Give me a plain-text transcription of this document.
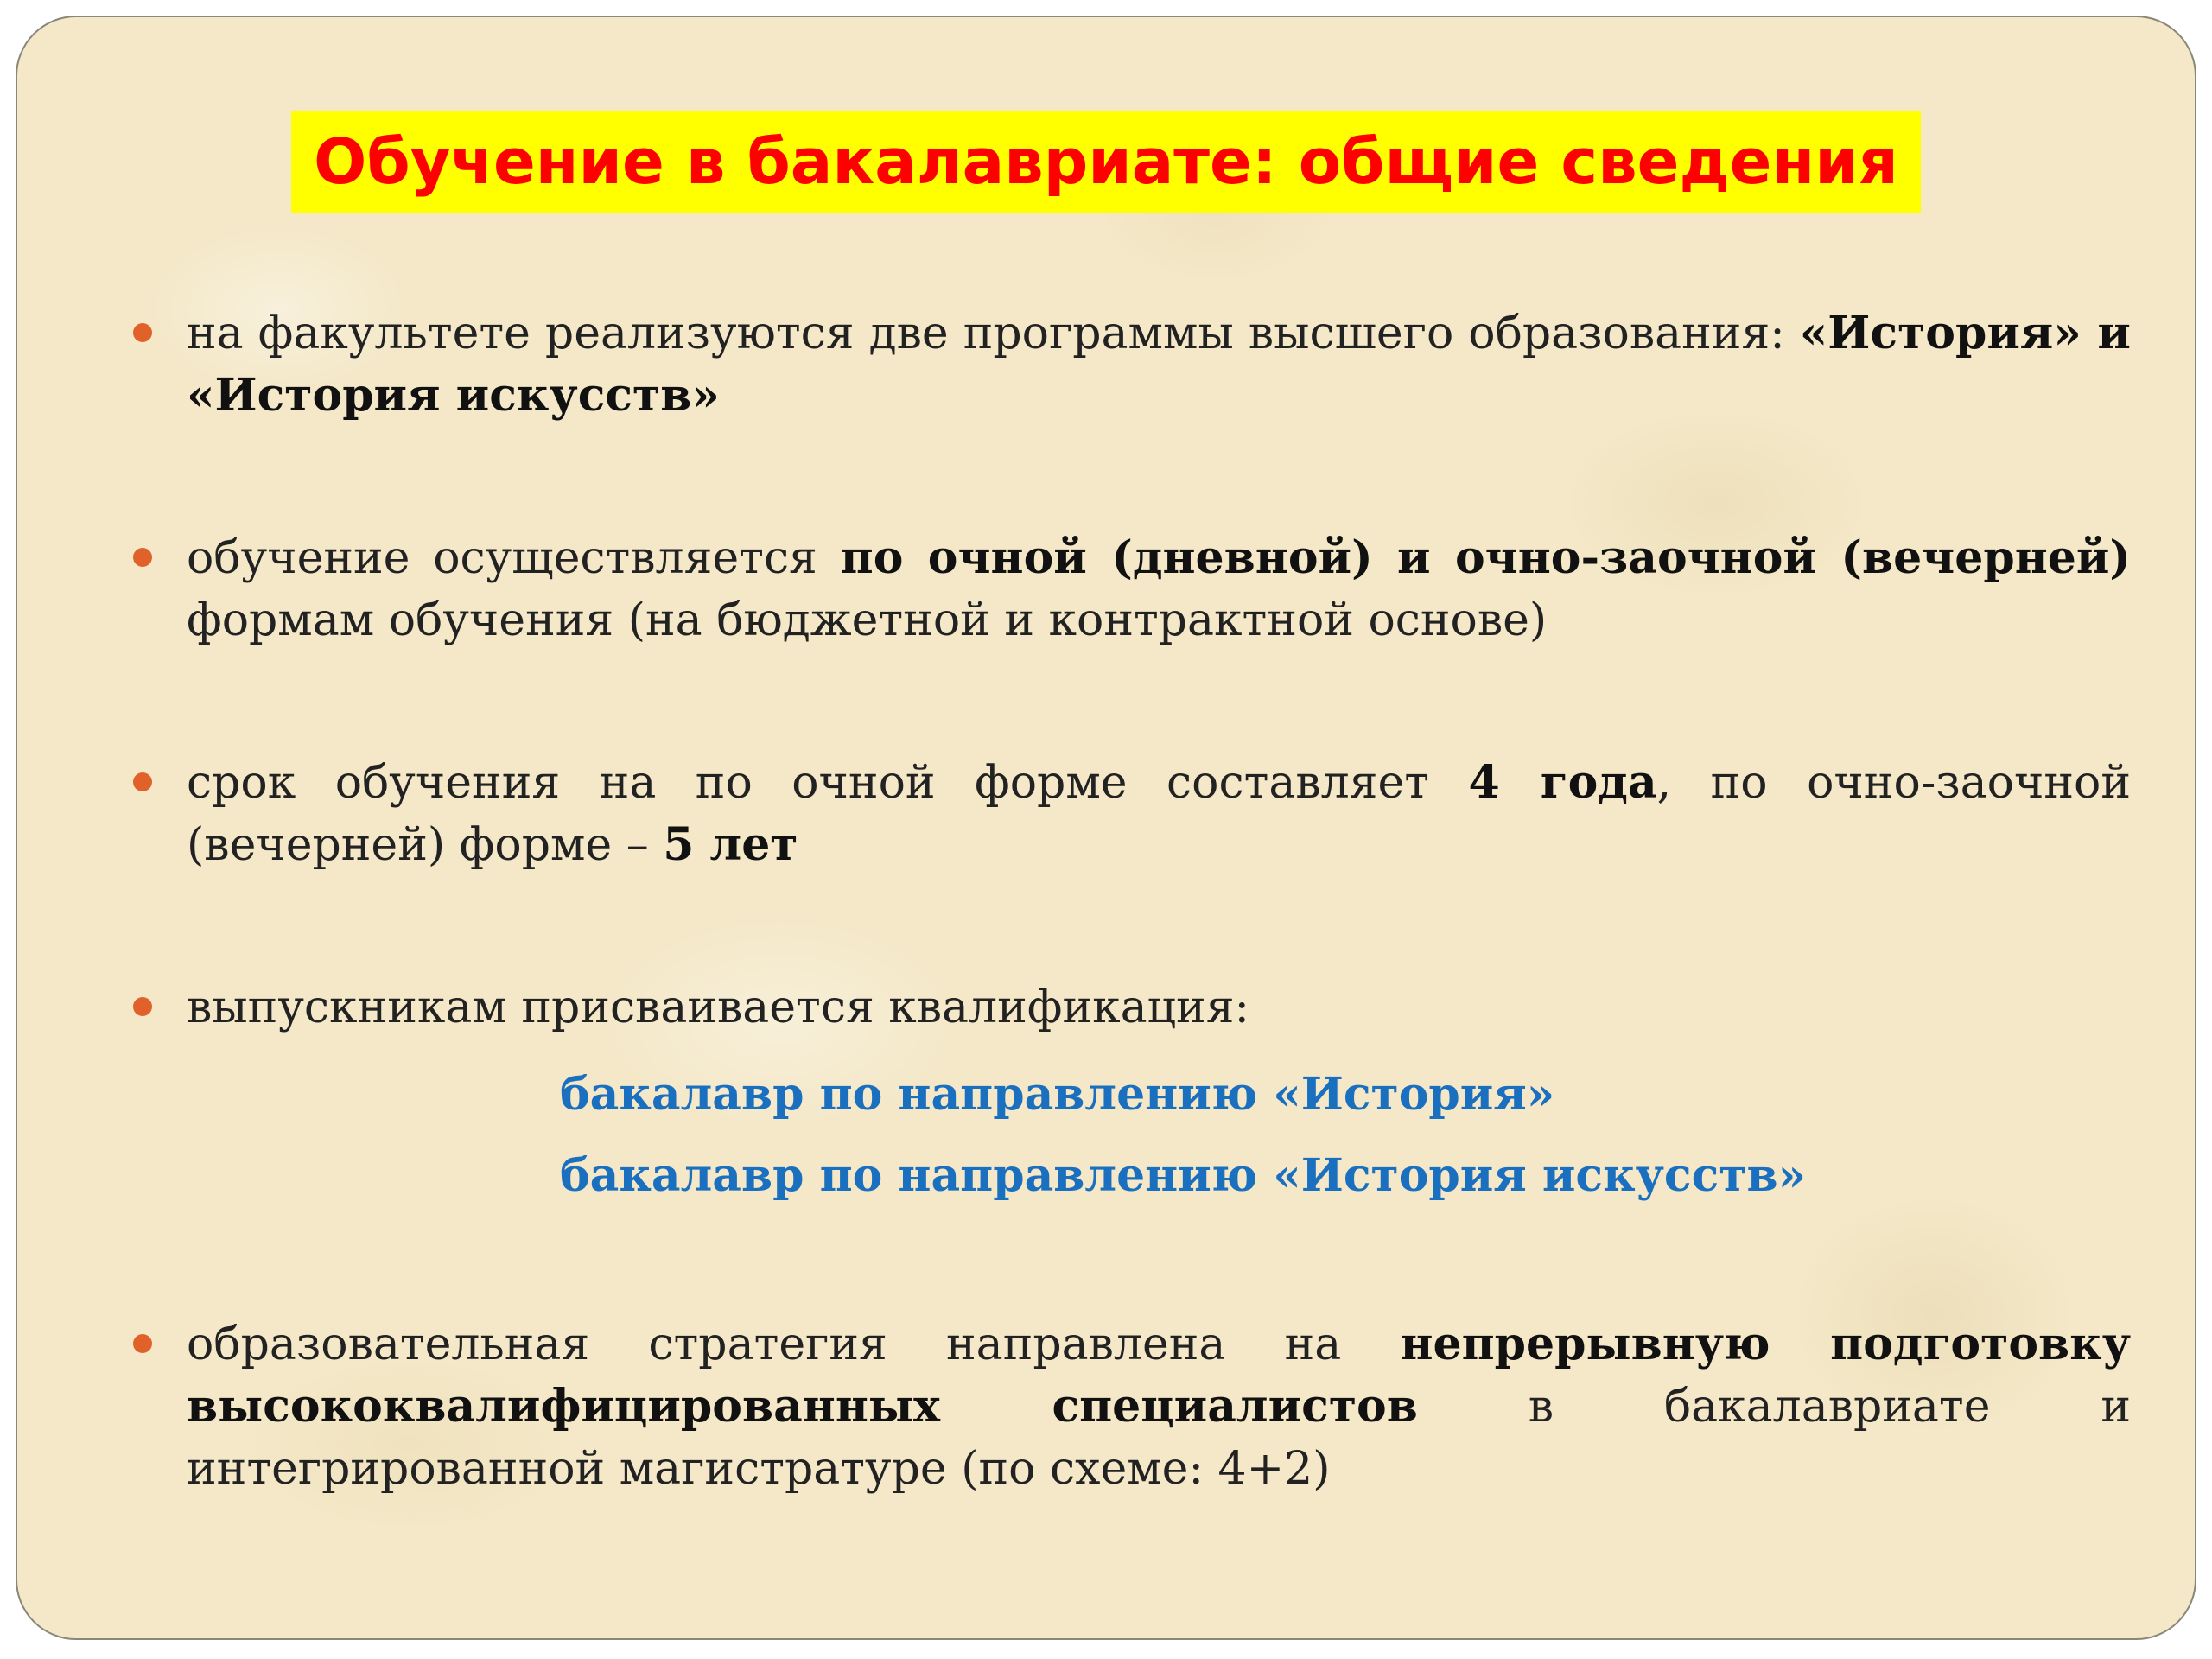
Обучение в бакалавриате: общие сведения
на факультете реализуются две программы высшего образования: «История» и «История искусств»
обучение осуществляется по очной (дневной) и очно-заочной (вечерней) формам обучения (на бюджетной и контрактной основе)
срок обучения на по очной форме составляет 4 года, по очно-заочной (вечерней) форме – 5 лет
выпускникам присваивается квалификация:
бакалавр по направлению «История»
бакалавр по направлению «История искусств»
образовательная стратегия направлена на непрерывную подготовку высококвалифицированных специалистов в бакалавриате и интегрированной магистратуре (по схеме: 4+2)
